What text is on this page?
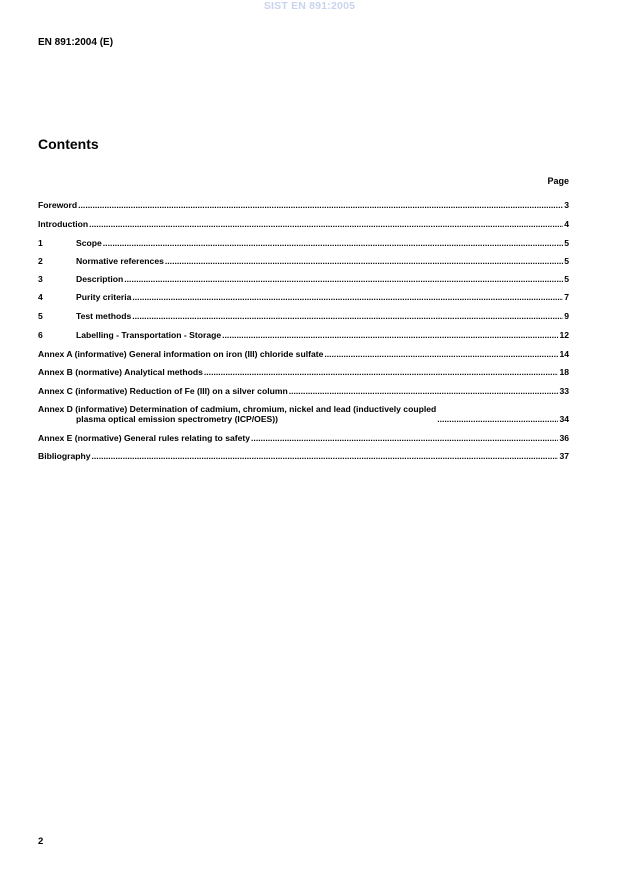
SIST EN 891:2005
EN 891:2004 (E)
Contents
Page
Foreword .....	3
Introduction .....	4
1	Scope .....	5
2	Normative references .....	5
3	Description .....	5
4	Purity criteria .....	7
5	Test methods .....	9
6	Labelling - Transportation - Storage .....	12
Annex A (informative) General information on iron (III) chloride sulfate .....	14
Annex B (normative) Analytical methods .....	18
Annex C (informative) Reduction of Fe (III) on a silver column .....	33
Annex D (informative) Determination of cadmium, chromium, nickel and lead (inductively coupled
plasma optical emission spectrometry (ICP/OES)) .....	34
Annex E (normative) General rules relating to safety .....	36
Bibliography .....	37
2
